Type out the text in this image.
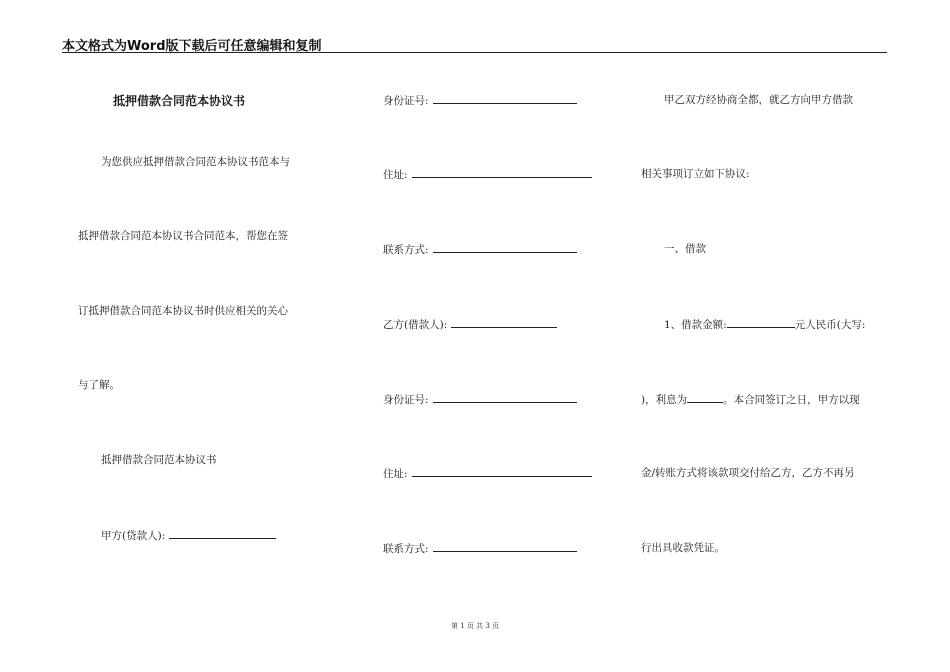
本文格式为Word版下载后可任意编辑和复制
抵押借款合同范本协议书
为您供应抵押借款合同范本协议书范本与
抵押借款合同范本协议书合同范本，帮您在签
订抵押借款合同范本协议书时供应相关的关心
与了解。
抵押借款合同范本协议书
甲方(贷款人):
身份证号:
住址:
联系方式:
乙方(借款人):
身份证号:
住址:
联系方式:
甲乙双方经协商全都，就乙方向甲方借款
相关事项订立如下协议:
一、借款
1、借款金额:	元人民币(大写:
)，利息为	。本合同签订之日，甲方以现
金/转账方式将该款项交付给乙方，乙方不再另
行出具收款凭证。
第 1 页 共 3 页
